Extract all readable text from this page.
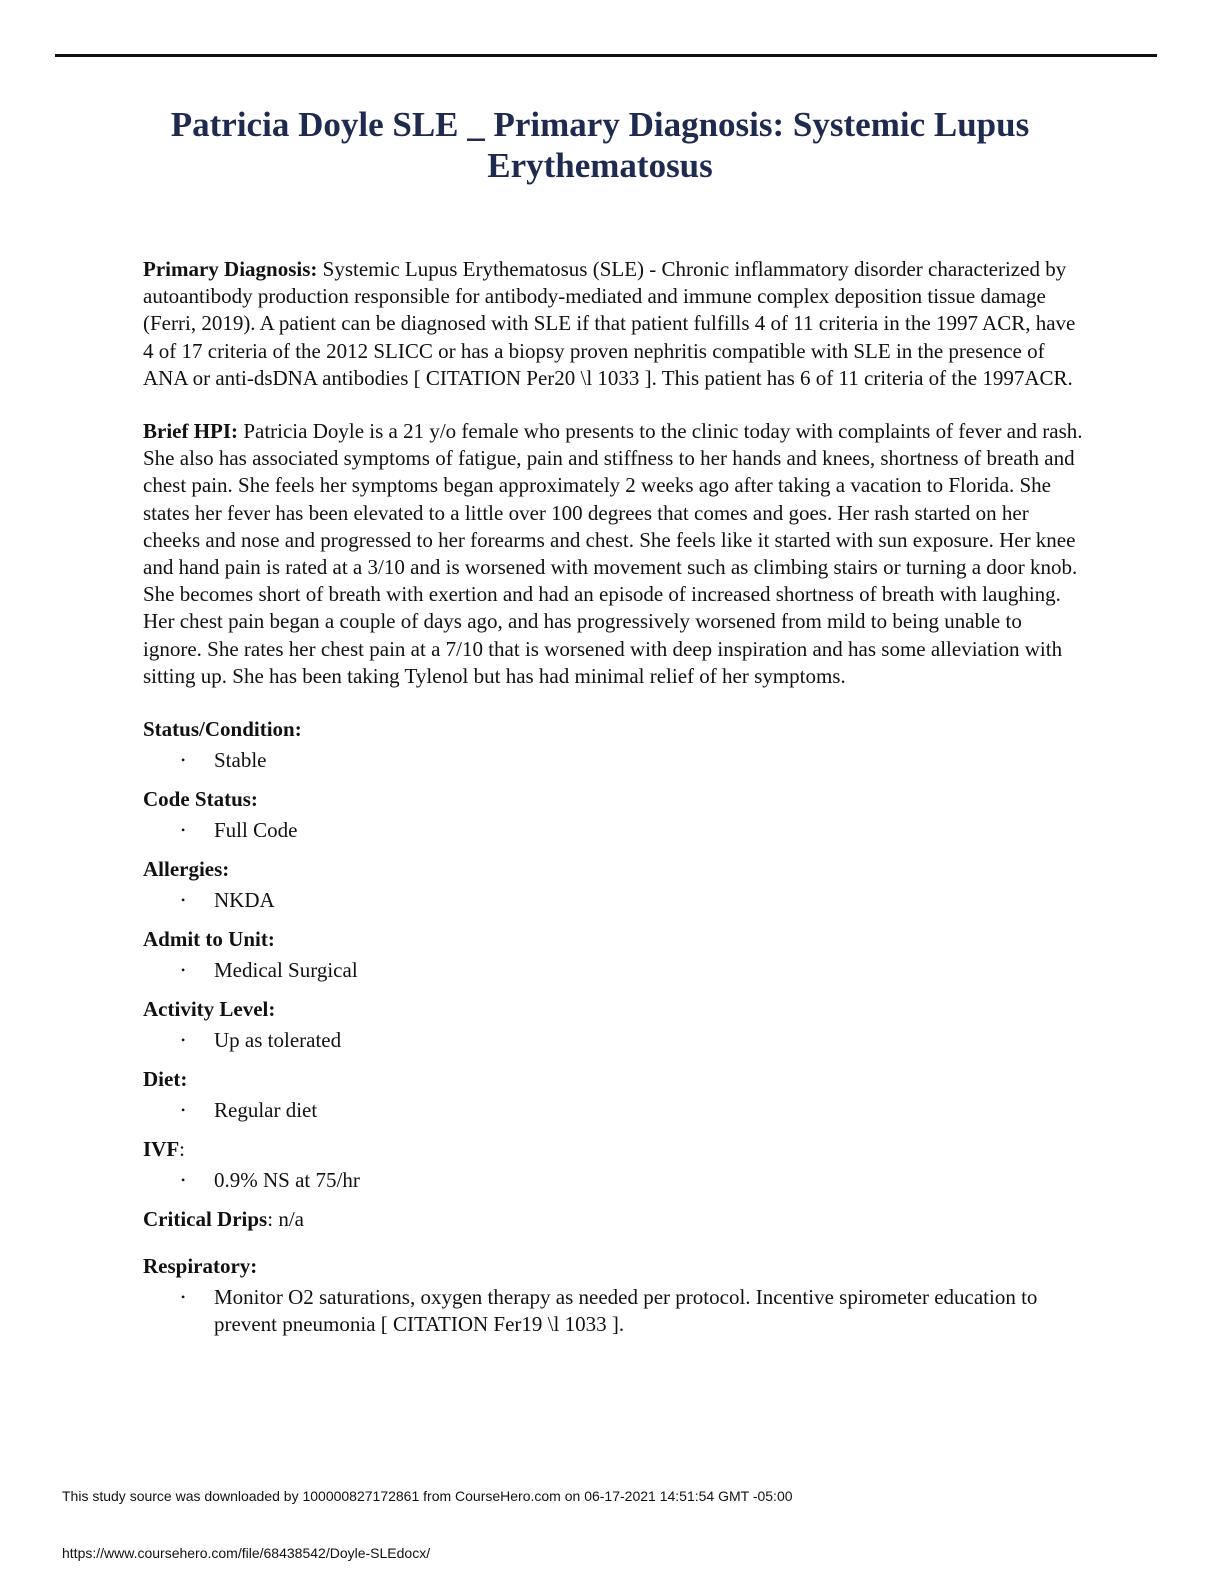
Patricia Doyle SLE _ Primary Diagnosis: Systemic Lupus Erythematosus

Primary Diagnosis: Systemic Lupus Erythematosus (SLE) - Chronic inflammatory disorder characterized by autoantibody production responsible for antibody-mediated and immune complex deposition tissue damage (Ferri, 2019). A patient can be diagnosed with SLE if that patient fulfills 4 of 11 criteria in the 1997 ACR, have 4 of 17 criteria of the 2012 SLICC or has a biopsy proven nephritis compatible with SLE in the presence of ANA or anti-dsDNA antibodies [ CITATION Per20 \l 1033 ]. This patient has 6 of 11 criteria of the 1997ACR.

Brief HPI: Patricia Doyle is a 21 y/o female who presents to the clinic today with complaints of fever and rash. She also has associated symptoms of fatigue, pain and stiffness to her hands and knees, shortness of breath and chest pain. She feels her symptoms began approximately 2 weeks ago after taking a vacation to Florida. She states her fever has been elevated to a little over 100 degrees that comes and goes. Her rash started on her cheeks and nose and progressed to her forearms and chest. She feels like it started with sun exposure. Her knee and hand pain is rated at a 3/10 and is worsened with movement such as climbing stairs or turning a door knob. She becomes short of breath with exertion and had an episode of increased shortness of breath with laughing. Her chest pain began a couple of days ago, and has progressively worsened from mild to being unable to ignore. She rates her chest pain at a 7/10 that is worsened with deep inspiration and has some alleviation with sitting up. She has been taking Tylenol but has had minimal relief of her symptoms.

Status/Condition:

• Stable

Code Status:

• Full Code

Allergies:

• NKDA

Admit to Unit:

• Medical Surgical

Activity Level:

• Up as tolerated

Diet:

• Regular diet

IVF:

• 0.9% NS at 75/hr

Critical Drips: n/a

Respiratory:

• Monitor O2 saturations, oxygen therapy as needed per protocol. Incentive spirometer education to prevent pneumonia [ CITATION Fer19 \l 1033 ].
This study source was downloaded by 100000827172861 from CourseHero.com on 06-17-2021 14:51:54 GMT -05:00
https://www.coursehero.com/file/68438542/Doyle-SLEdocx/
